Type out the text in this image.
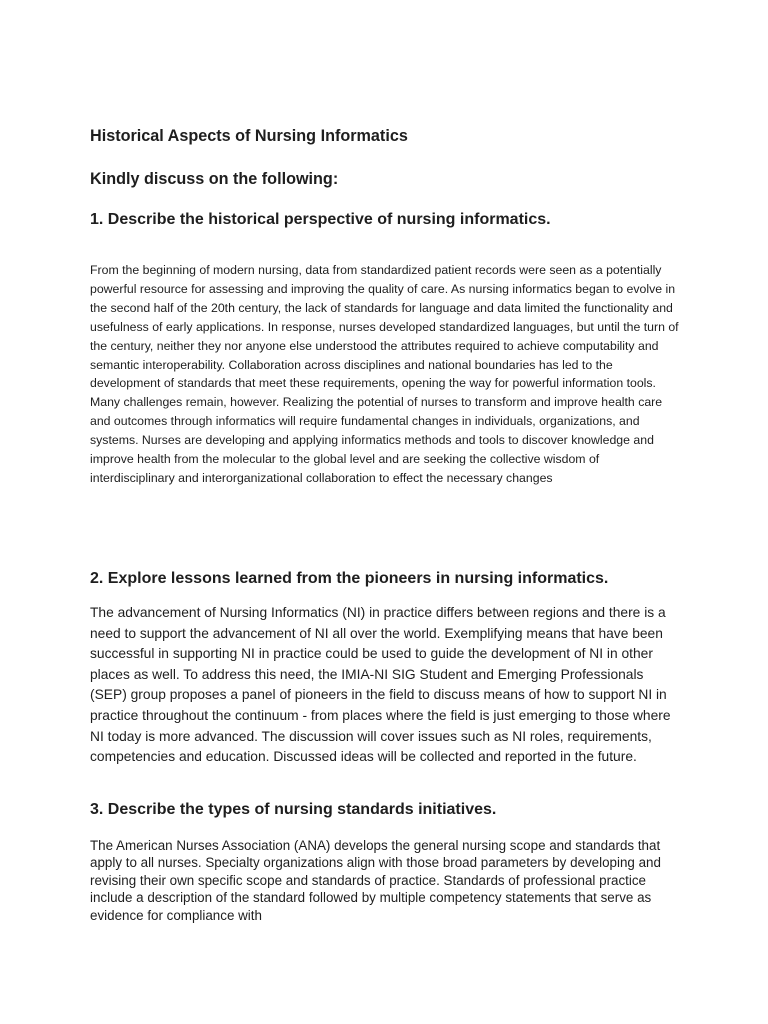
Historical Aspects of Nursing Informatics
Kindly discuss on the following:
1. Describe the historical perspective of nursing informatics.
From the beginning of modern nursing, data from standardized patient records were seen as a potentially powerful resource for assessing and improving the quality of care. As nursing informatics began to evolve in the second half of the 20th century, the lack of standards for language and data limited the functionality and usefulness of early applications. In response, nurses developed standardized languages, but until the turn of the century, neither they nor anyone else understood the attributes required to achieve computability and semantic interoperability. Collaboration across disciplines and national boundaries has led to the development of standards that meet these requirements, opening the way for powerful information tools. Many challenges remain, however. Realizing the potential of nurses to transform and improve health care and outcomes through informatics will require fundamental changes in individuals, organizations, and systems. Nurses are developing and applying informatics methods and tools to discover knowledge and improve health from the molecular to the global level and are seeking the collective wisdom of interdisciplinary and interorganizational collaboration to effect the necessary changes
2. Explore lessons learned from the pioneers in nursing informatics.
The advancement of Nursing Informatics (NI) in practice differs between regions and there is a need to support the advancement of NI all over the world. Exemplifying means that have been successful in supporting NI in practice could be used to guide the development of NI in other places as well. To address this need, the IMIA-NI SIG Student and Emerging Professionals (SEP) group proposes a panel of pioneers in the field to discuss means of how to support NI in practice throughout the continuum - from places where the field is just emerging to those where NI today is more advanced. The discussion will cover issues such as NI roles, requirements, competencies and education. Discussed ideas will be collected and reported in the future.
3. Describe the types of nursing standards initiatives.
The American Nurses Association (ANA) develops the general nursing scope and standards that apply to all nurses. Specialty organizations align with those broad parameters by developing and revising their own specific scope and standards of practice. Standards of professional practice include a description of the standard followed by multiple competency statements that serve as evidence for compliance with
